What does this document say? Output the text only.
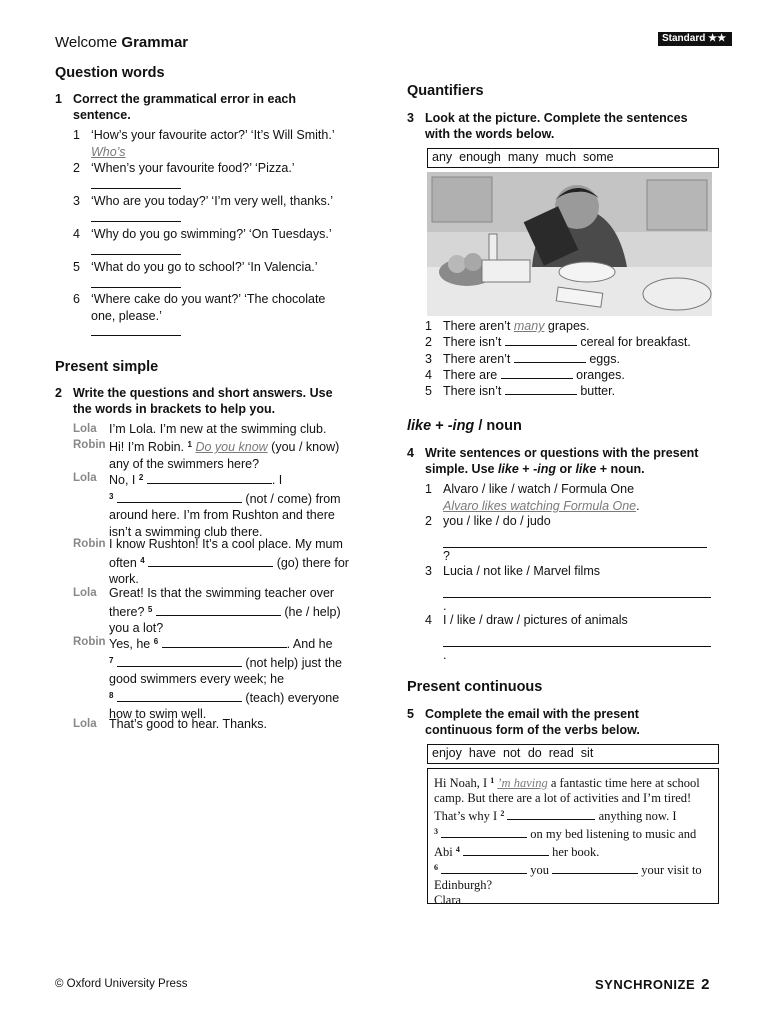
Welcome Grammar	Standard ★★
Question words
1 Correct the grammatical error in each sentence.
1 ‘How’s your favourite actor?’ ‘It’s Will Smith.’
Who’s
2 ‘When’s your favourite food?’ ‘Pizza.’
3 ‘Who are you today?’ ‘I’m very well, thanks.’
4 ‘Why do you go swimming?’ ‘On Tuesdays.’
5 ‘What do you go to school?’ ‘In Valencia.’
6 ‘Where cake do you want?’ ‘The chocolate one, please.’
Present simple
2 Write the questions and short answers. Use the words in brackets to help you.
Lola I’m Lola. I’m new at the swimming club.
Robin Hi! I’m Robin. $^1$ Do you know (you / know) any of the swimmers here?
Lola No, I $^2$	. I
$^3$	(not / come) from around here. I’m from Rushton and there isn’t a swimming club there.
Robin I know Rushton! It’s a cool place. My mum often $^4$	(go) there for work.
Lola Great! Is that the swimming teacher over there? $^5$	(he / help) you a lot?
Robin Yes, he $^6$	. And he
$^7$	(not help) just the good swimmers every week; he
$^8$	(teach) everyone how to swim well.
Lola That’s good to hear. Thanks.
Quantifiers
3 Look at the picture. Complete the sentences with the words below.
any enough many much some
1 There aren’t many grapes.
2 There isn’t	cereal for breakfast.
3 There aren’t	eggs.
4 There are	oranges.
5 There isn’t	butter.
like + -ing / noun
4 Write sentences or questions with the present simple. Use like + -ing or like + noun.
1 Alvaro / like / watch / Formula One
Alvaro likes watching Formula One.
2 you / like / do / judo
?
3 Lucia / not like / Marvel films
.
4 I / like / draw / pictures of animals
.
Present continuous
5 Complete the email with the present continuous form of the verbs below.
enjoy have not do read sit
Hi Noah, I $^1$ ’m having a fantastic time here at school camp. But there are a lot of activities and I’m tired! That’s why I $^2$	anything now. I
$^3$	on my bed listening to music and Abi $^4$	her book.
$^6$	you	your visit to Edinburgh?
Clara
© Oxford University Press	SYNCHRONIZE 2
